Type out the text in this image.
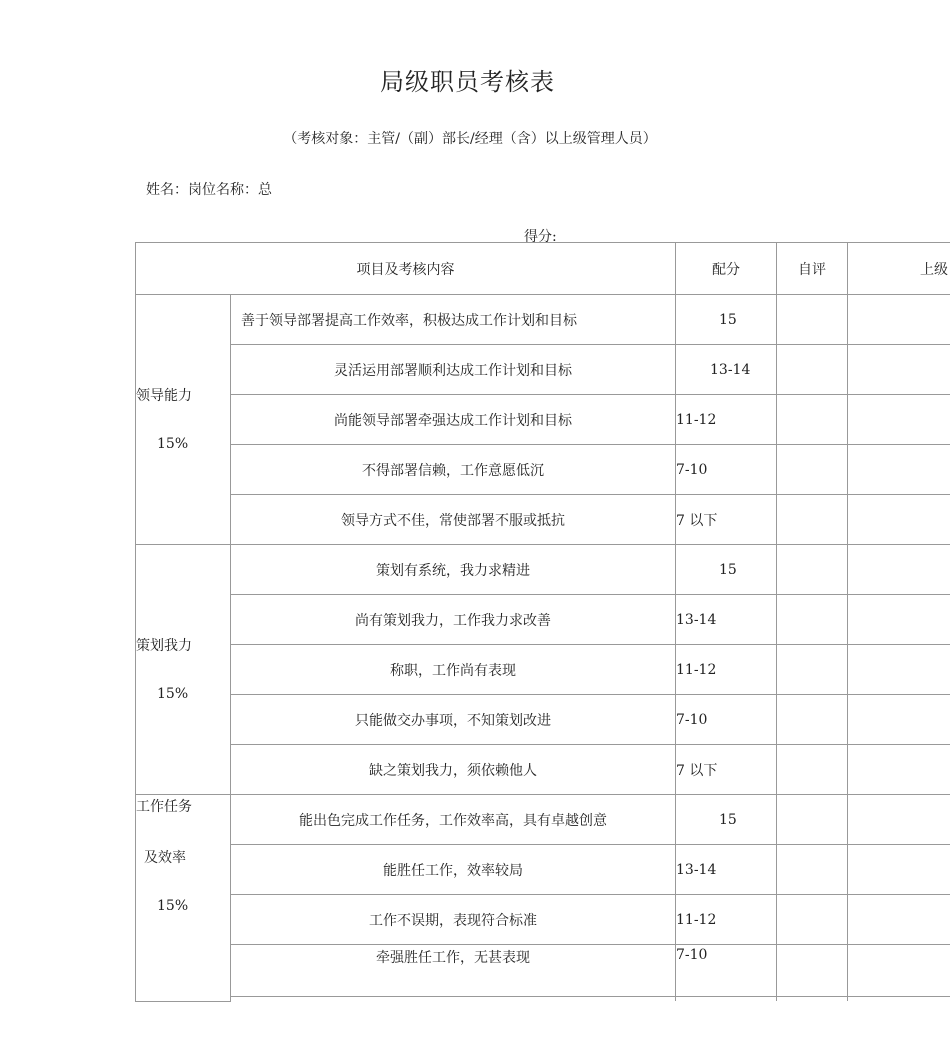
局级职员考核表
（考核对象：主管/（副）部长/经理（含）以上级管理人员）
姓名：岗位名称：总
得分:
项目及考核内容		配分	自评	上级

领导能力
15%	善于领导部署提高工作效率，积极达成工作计划和目标	15		
	灵活运用部署顺利达成工作计划和目标	13-14		
	尚能领导部署牵强达成工作计划和目标	11-12		
	不得部署信赖，工作意愿低沉	7-10		
	领导方式不佳，常使部署不服或抵抗	7 以下		

策划我力
15%	策划有系统，我力求精进	15		
	尚有策划我力，工作我力求改善	13-14		
	称职，工作尚有表现	11-12		
	只能做交办事项，不知策划改进	7-10		
	缺之策划我力，须依赖他人	7 以下		

工作任务
及效率
15%	能出色完成工作任务，工作效率高，具有卓越创意	15		
	能胜任工作，效率较局	13-14		
	工作不误期，表现符合标准	11-12		
	牵强胜任工作，无甚表现	7-10		
